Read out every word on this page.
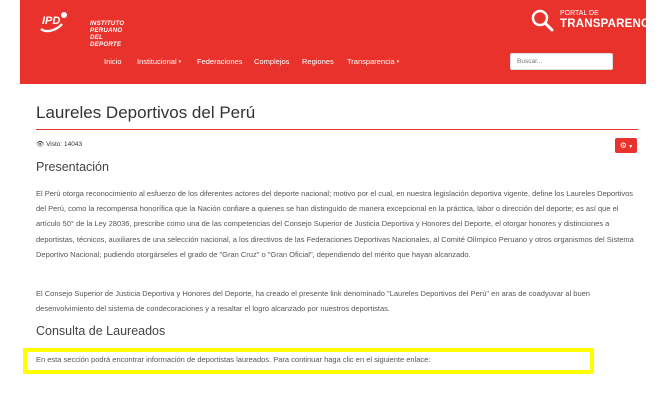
IPD	INSTITUTO
PERUANO
DEL DEPORTE
PORTAL DE
TRANSPARENCIA
Inicio Institucional ▾ Federaciones Complejos Regiones Transparencia ▾
Buscar...
Laureles Deportivos del Perú
👁 Visto: 14043	⚙ ▾
Presentación

El Perú otorga reconocimiento al esfuerzo de los diferentes actores del deporte nacional; motivo por el cual, en nuestra legislación deportiva vigente, define los Laureles Deportivos del Perú, como la recompensa honorífica que la Nación confiare a quienes se han distinguido de manera excepcional en la práctica, labor o dirección del deporte; es así que el artículo 50° de la Ley 28036, prescribe como una de las competencias del Consejo Superior de Justicia Deportiva y Honores del Deporte, el otorgar honores y distinciones a deportistas, técnicos, auxiliares de una selección nacional, a los directivos de las Federaciones Deportivas Nacionales, al Comité Olímpico Peruano y otros organismos del Sistema Deportivo Nacional; pudiendo otorgárseles el grado de "Gran Cruz" o "Gran Oficial", dependiendo del mérito que hayan alcanzado.

El Consejo Superior de Justicia Deportiva y Honores del Deporte, ha creado el presente link denominado "Laureles Deportivos del Perú" en aras de coadyuvar al buen desenvolvimiento del sistema de condecoraciones y a resaltar el logro alcanzado por nuestros deportistas.

Consulta de Laureados
En esta sección podrá encontrar información de deportistas laureados. Para continuar haga clic en el siguiente enlace:
